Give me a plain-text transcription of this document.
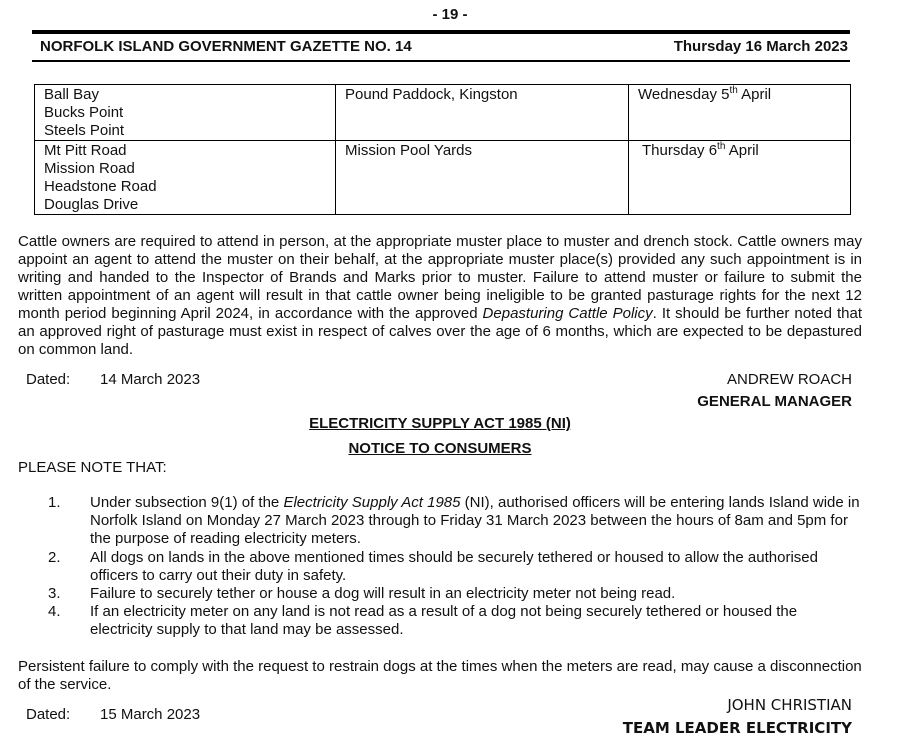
- 19 -
NORFOLK ISLAND GOVERNMENT GAZETTE NO. 14	Thursday 16 March 2023
Ball Bay
Bucks Point
Steels Point	Pound Paddock, Kingston	Wednesday 5th April

Mt Pitt Road
Mission Road
Headstone Road
Douglas Drive	Mission Pool Yards	Thursday 6th April
Cattle owners are required to attend in person, at the appropriate muster place to muster and drench stock. Cattle owners may appoint an agent to attend the muster on their behalf, at the appropriate muster place(s) provided any such appointment is in writing and handed to the Inspector of Brands and Marks prior to muster. Failure to attend muster or failure to submit the written appointment of an agent will result in that cattle owner being ineligible to be granted pasturage rights for the next 12 month period beginning April 2024, in accordance with the approved Depasturing Cattle Policy. It should be further noted that an approved right of pasturage must exist in respect of calves over the age of 6 months, which are expected to be depastured on common land.
Dated: 14 March 2023	ANDREW ROACH
GENERAL MANAGER
ELECTRICITY SUPPLY ACT 1985 (NI)
NOTICE TO CONSUMERS
PLEASE NOTE THAT:
1.	Under subsection 9(1) of the Electricity Supply Act 1985 (NI), authorised officers will be entering lands Island wide in Norfolk Island on Monday 27 March 2023 through to Friday 31 March 2023 between the hours of 8am and 5pm for the purpose of reading electricity meters.
2.	All dogs on lands in the above mentioned times should be securely tethered or housed to allow the authorised officers to carry out their duty in safety.
3.	Failure to securely tether or house a dog will result in an electricity meter not being read.
4.	If an electricity meter on any land is not read as a result of a dog not being securely tethered or housed the electricity supply to that land may be assessed.
Persistent failure to comply with the request to restrain dogs at the times when the meters are read, may cause a disconnection of the service.
JOHN CHRISTIAN
Dated: 15 March 2023
TEAM LEADER ELECTRICITY
